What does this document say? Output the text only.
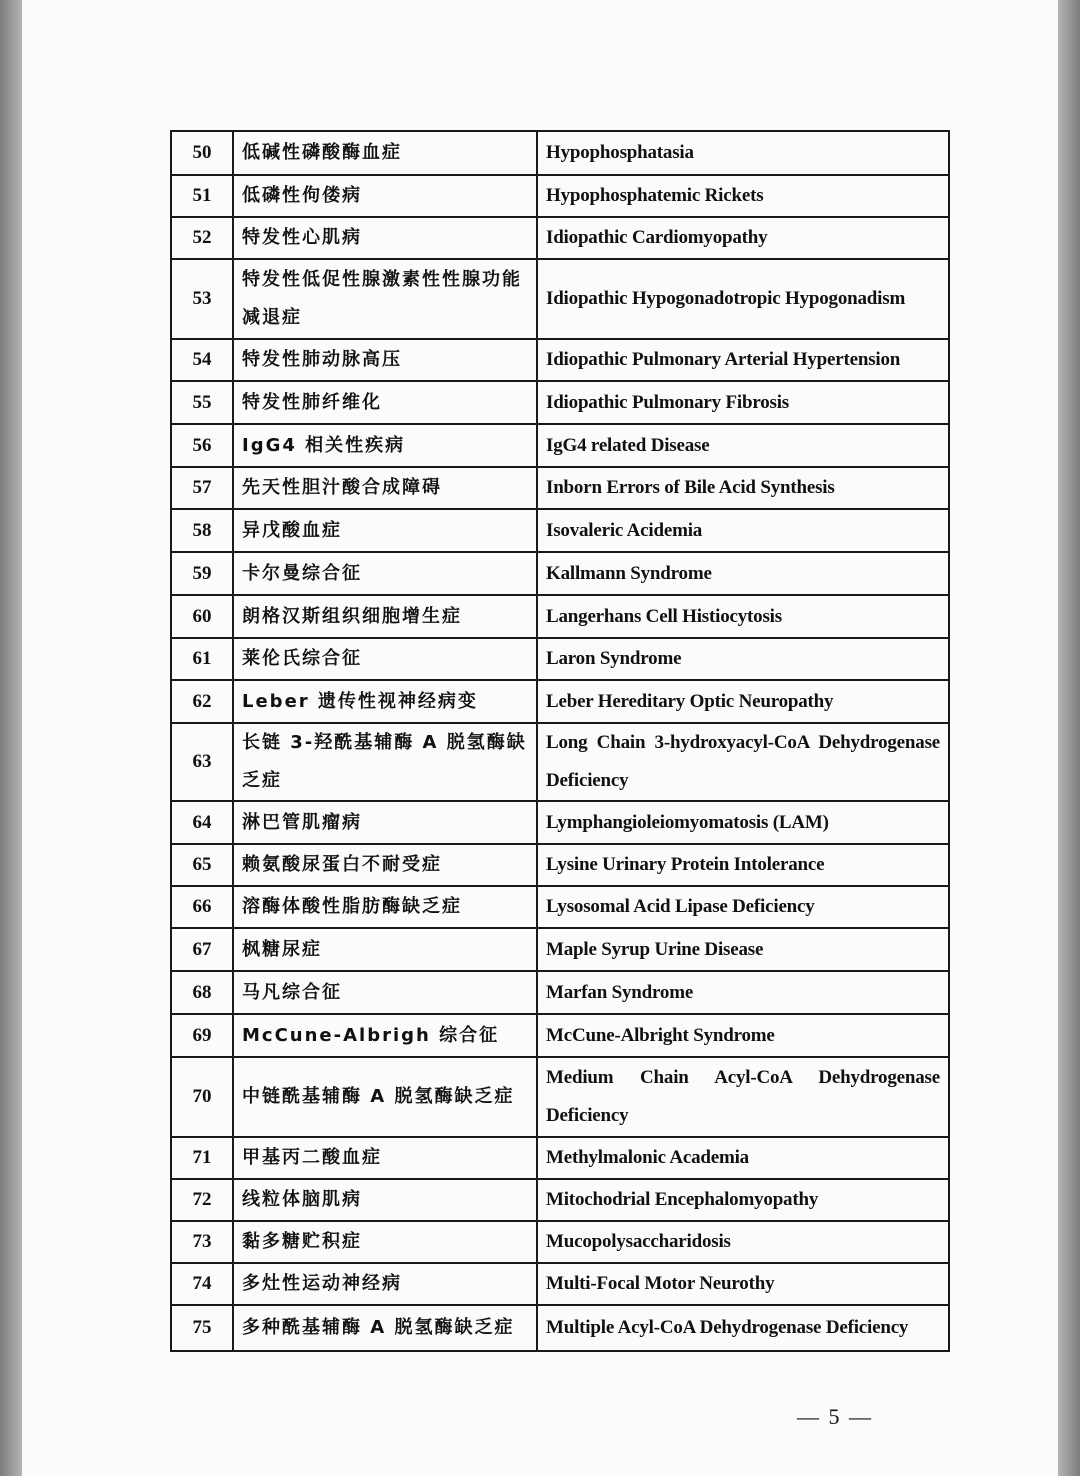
50	低碱性磷酸酶血症	Hypophosphatasia
51	低磷性佝偻病	Hypophosphatemic Rickets
52	特发性心肌病	Idiopathic Cardiomyopathy
53	特发性低促性腺激素性性腺功能减退症	Idiopathic Hypogonadotropic Hypogonadism
54	特发性肺动脉高压	Idiopathic Pulmonary Arterial Hypertension
55	特发性肺纤维化	Idiopathic Pulmonary Fibrosis
56	IgG4 相关性疾病	IgG4 related Disease
57	先天性胆汁酸合成障碍	Inborn Errors of Bile Acid Synthesis
58	异戊酸血症	Isovaleric Acidemia
59	卡尔曼综合征	Kallmann Syndrome
60	朗格汉斯组织细胞增生症	Langerhans Cell Histiocytosis
61	莱伦氏综合征	Laron Syndrome
62	Leber 遗传性视神经病变	Leber Hereditary Optic Neuropathy
63	长链 3-羟酰基辅酶 A 脱氢酶缺乏症	Long Chain 3-hydroxyacyl-CoA Dehydrogenase Deficiency
64	淋巴管肌瘤病	Lymphangioleiomyomatosis (LAM)
65	赖氨酸尿蛋白不耐受症	Lysine Urinary Protein Intolerance
66	溶酶体酸性脂肪酶缺乏症	Lysosomal Acid Lipase Deficiency
67	枫糖尿症	Maple Syrup Urine Disease
68	马凡综合征	Marfan Syndrome
69	McCune-Albrigh 综合征	McCune-Albright Syndrome
70	中链酰基辅酶 A 脱氢酶缺乏症	Medium Chain Acyl-CoA Dehydrogenase Deficiency
71	甲基丙二酸血症	Methylmalonic Academia
72	线粒体脑肌病	Mitochodrial Encephalomyopathy
73	黏多糖贮积症	Mucopolysaccharidosis
74	多灶性运动神经病	Multi-Focal Motor Neurothy
75	多种酰基辅酶 A 脱氢酶缺乏症	Multiple Acyl-CoA Dehydrogenase Deficiency
— 5 —
